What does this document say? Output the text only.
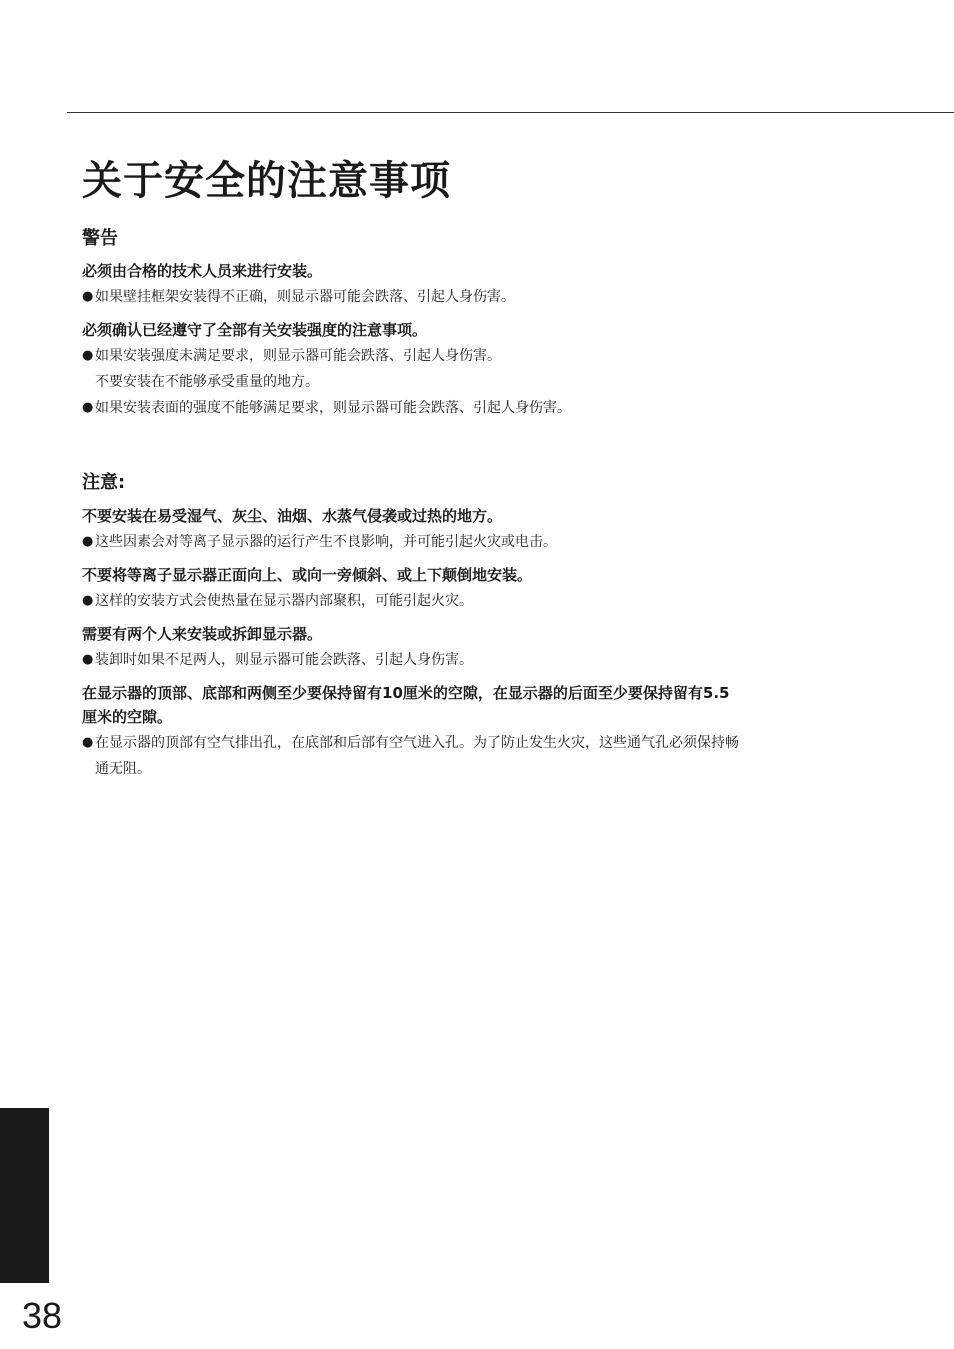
关于安全的注意事项

警告

必须由合格的技术人员来进行安装。

● 如果壁挂框架安装得不正确，则显示器可能会跌落、引起人身伤害。

必须确认已经遵守了全部有关安装强度的注意事项。

● 如果安装强度未满足要求，则显示器可能会跌落、引起人身伤害。

不要安装在不能够承受重量的地方。

● 如果安装表面的强度不能够满足要求，则显示器可能会跌落、引起人身伤害。

注意:

不要安装在易受湿气、灰尘、油烟、水蒸气侵袭或过热的地方。

● 这些因素会对等离子显示器的运行产生不良影响，并可能引起火灾或电击。

不要将等离子显示器正面向上、或向一旁倾斜、或上下颠倒地安装。

● 这样的安装方式会使热量在显示器内部聚积，可能引起火灾。

需要有两个人来安装或拆卸显示器。

● 装卸时如果不足两人，则显示器可能会跌落、引起人身伤害。

在显示器的顶部、底部和两侧至少要保持留有10厘米的空隙，在显示器的后面至少要保持留有5.5

厘米的空隙。

● 在显示器的顶部有空气排出孔，在底部和后部有空气进入孔。为了防止发生火灾，这些通气孔必须保持畅

通无阻。

38
